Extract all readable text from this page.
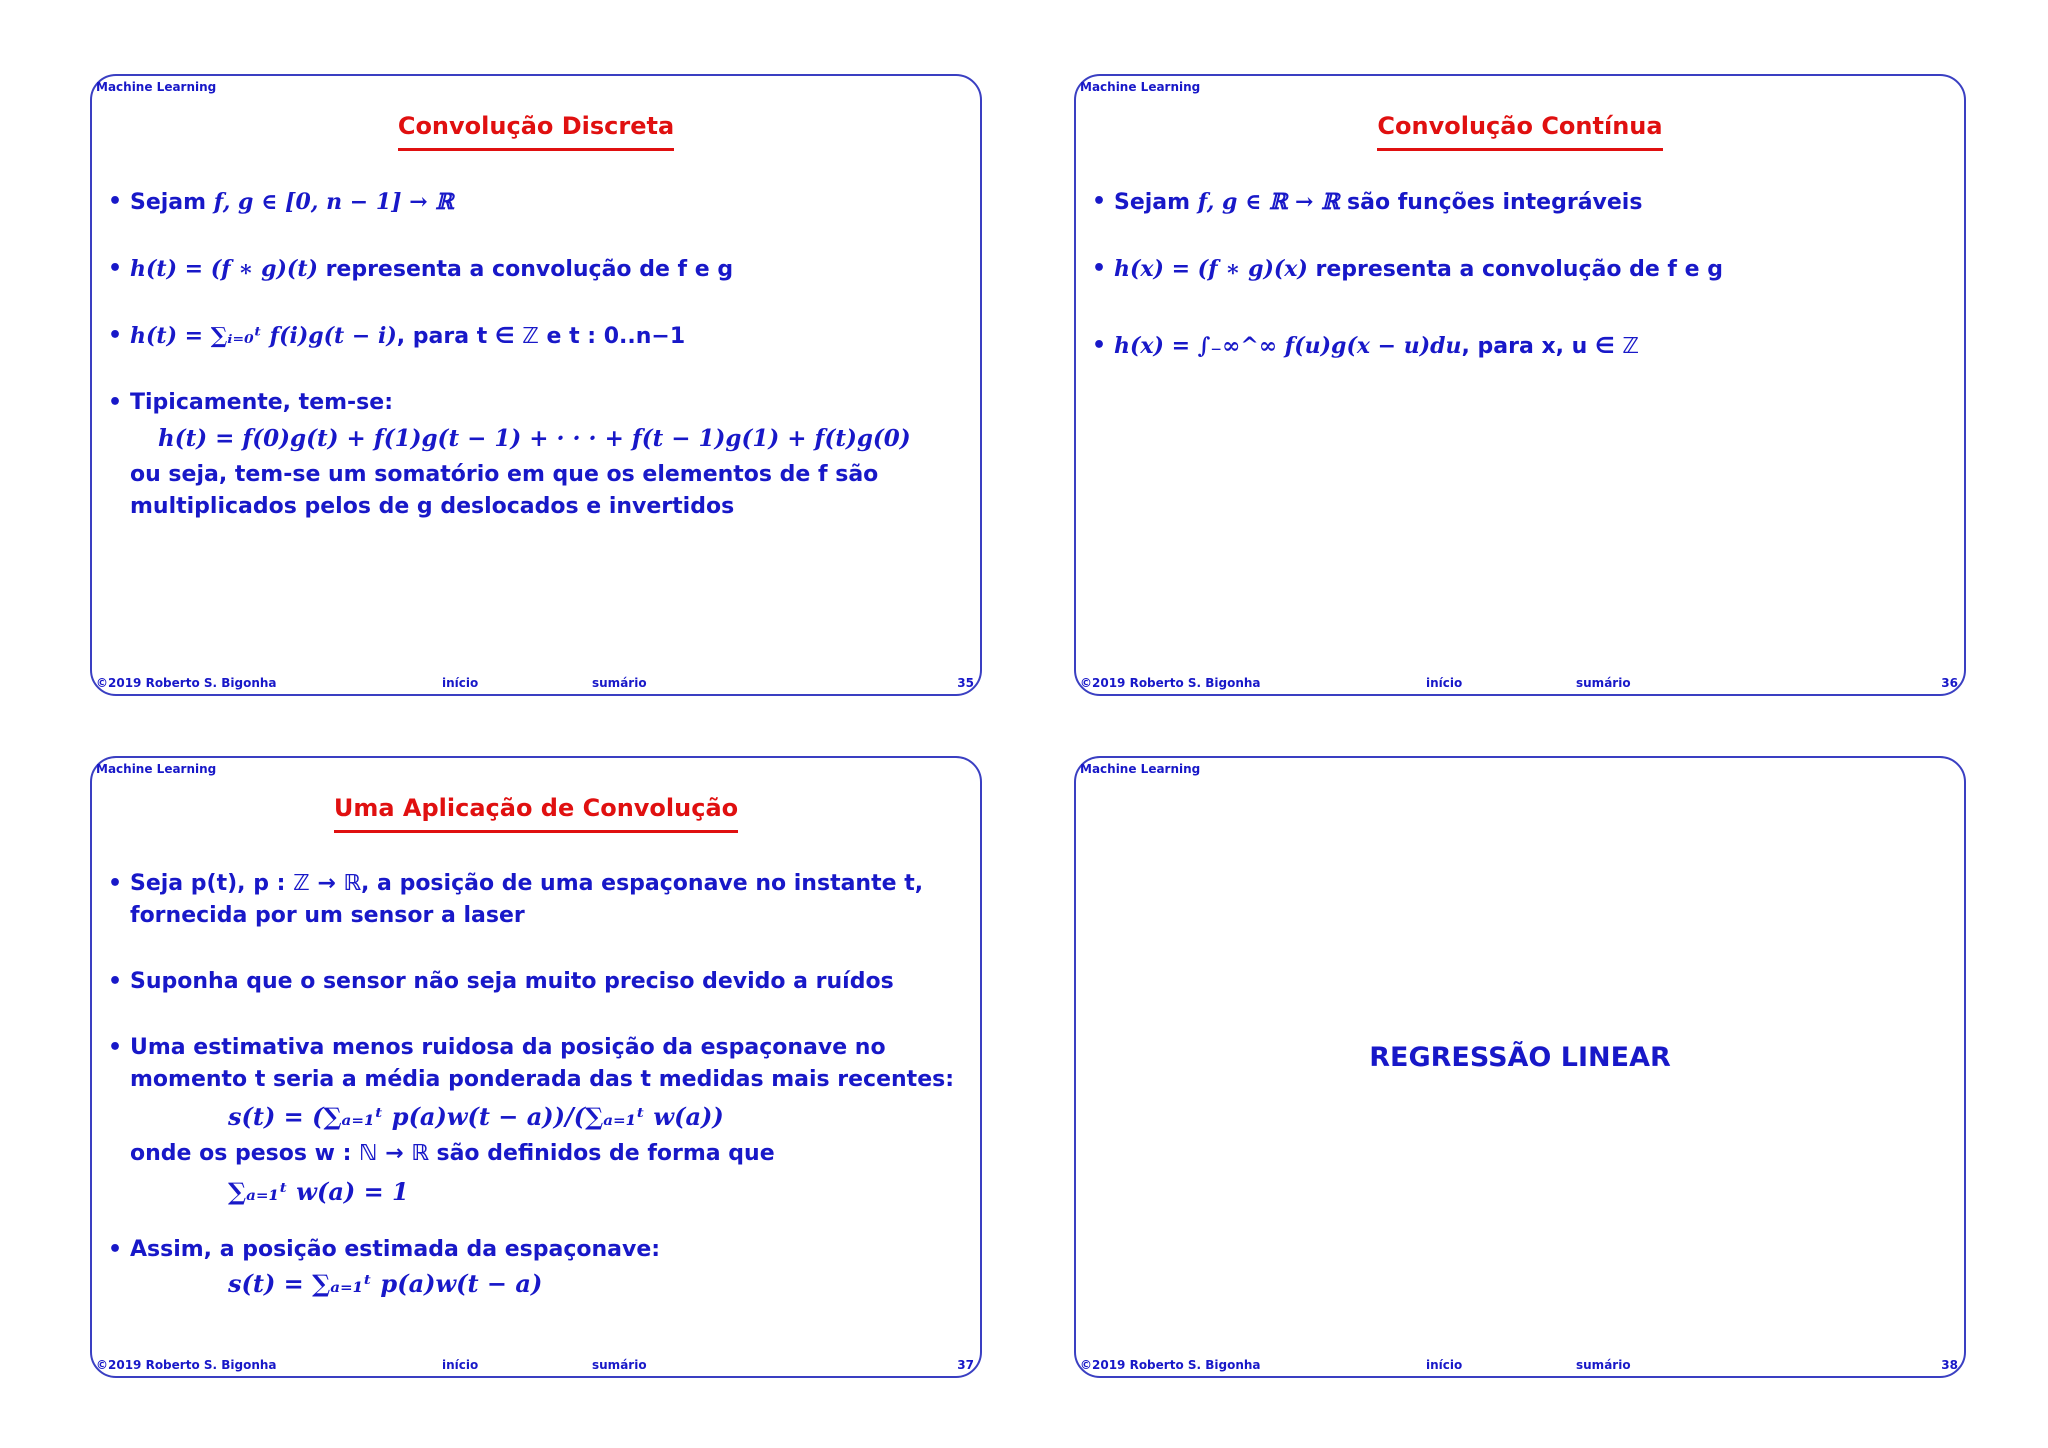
Machine Learning
Convolução Discreta
• Sejam f, g ∈ [0, n − 1] → ℝ
• h(t) = (f ∗ g)(t) representa a convolução de f e g
• h(t) = ∑ᵢ₌₀ᵗ f(i)g(t − i), para t ∈ ℤ e t : 0..n−1
• Tipicamente, tem-se:
h(t) = f(0)g(t) + f(1)g(t − 1) + · · · + f(t − 1)g(1) + f(t)g(0)
ou seja, tem-se um somatório em que os elementos de f são
multiplicados pelos de g deslocados e invertidos
©2019 Roberto S. Bigonha	início	sumário	35
Machine Learning
Convolução Contínua
• Sejam f, g ∈ ℝ → ℝ são funções integráveis
• h(x) = (f ∗ g)(x) representa a convolução de f e g
• h(x) = ∫₋∞^∞ f(u)g(x − u)du, para x, u ∈ ℤ
©2019 Roberto S. Bigonha	início	sumário	36
Machine Learning
Uma Aplicação de Convolução
• Seja p(t), p : ℤ → ℝ, a posição de uma espaçonave no instante t,
fornecida por um sensor a laser
• Suponha que o sensor não seja muito preciso devido a ruídos
• Uma estimativa menos ruidosa da posição da espaçonave no
momento t seria a média ponderada das t medidas mais recentes:
s(t) = (∑ₐ₌₁ᵗ p(a)w(t − a))/(∑ₐ₌₁ᵗ w(a))
onde os pesos w : ℕ → ℝ são definidos de forma que
∑ₐ₌₁ᵗ w(a) = 1
• Assim, a posição estimada da espaçonave:
s(t) = ∑ₐ₌₁ᵗ p(a)w(t − a)
©2019 Roberto S. Bigonha	início	sumário	37
Machine Learning
REGRESSÃO LINEAR
©2019 Roberto S. Bigonha	início	sumário	38
